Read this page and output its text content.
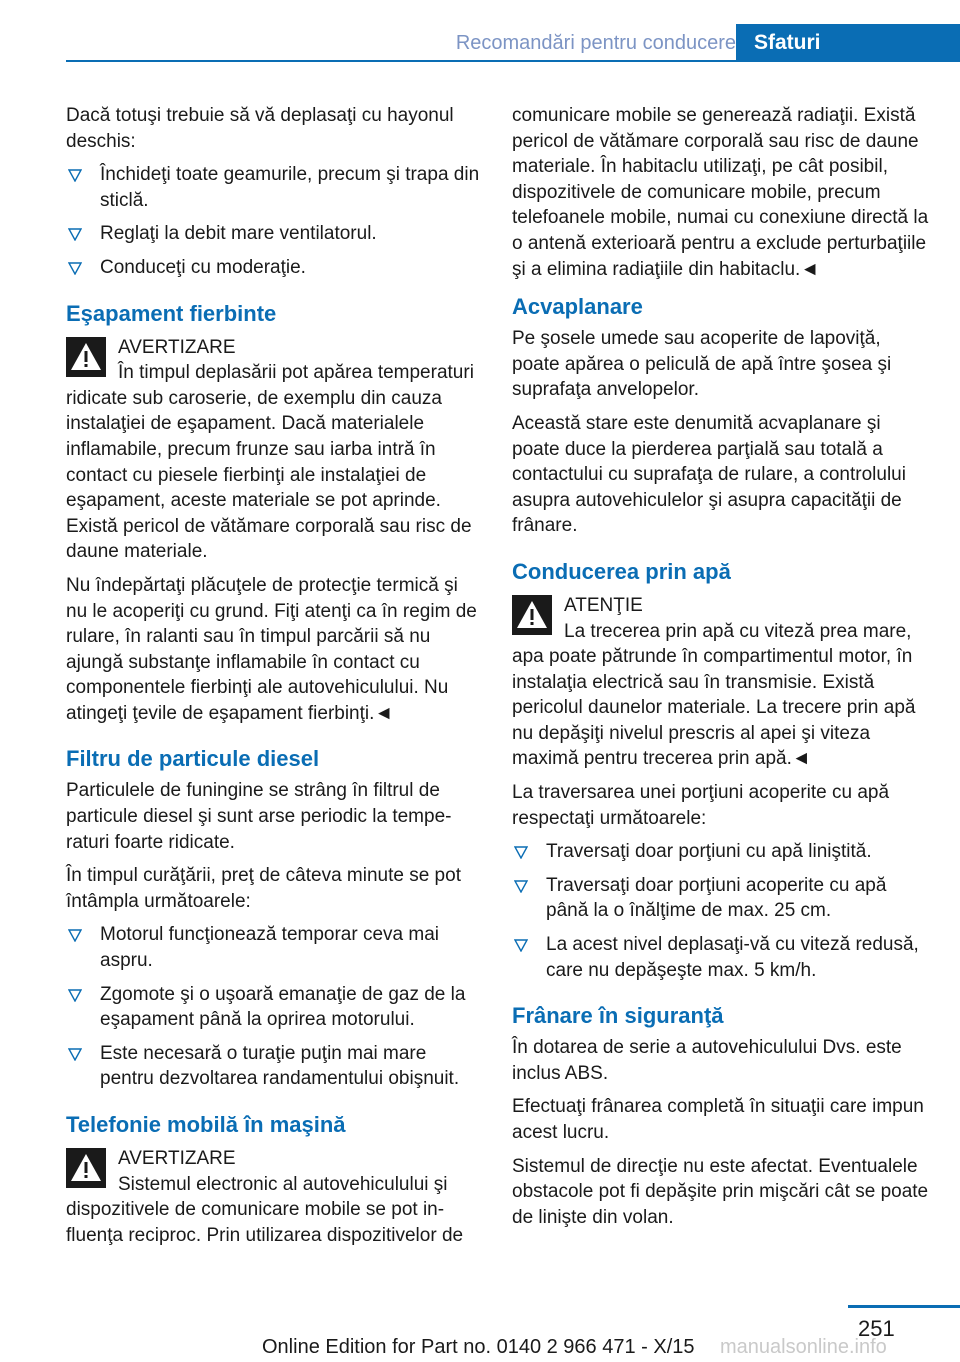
Recomandări pentru conducere Sfaturi

Dacă totuşi trebuie să vă deplasaţi cu hayonul deschis:

Închideţi toate geamurile, precum şi trapa din sticlă.
Reglaţi la debit mare ventilatorul.
Conduceţi cu moderaţie.
Eşapament fierbinte
AVERTIZARE
În timpul deplasării pot apărea temperaturi ridicate sub caroserie, de exemplu din cauza instalaţiei de eşapament. Dacă materialele inflamabile, precum frunze sau iarba intră în contact cu piesele fierbinţi ale instalaţiei de eşapament, aceste materiale se pot aprinde. Există pericol de vătămare corporală sau risc de daune materiale.

Nu îndepărtaţi plăcuţele de protecţie termică şi nu le acoperiţi cu grund. Fiţi atenţi ca în regim de rulare, în ralanti sau în timpul parcării să nu ajungă substanţe inflamabile în contact cu componentele fierbinţi ale autovehiculului. Nu atingeţi ţevile de eşapament fierbinţi.◄

Filtru de particule diesel

Particulele de funingine se strâng în filtrul de particule diesel şi sunt arse periodic la temperaturi foarte ridicate.

În timpul curăţării, preţ de câteva minute se pot întâmpla următoarele:

Motorul funcţionează temporar ceva mai aspru.
Zgomote şi o uşoară emanaţie de gaz de la eşapament până la oprirea motorului.
Este necesară o turaţie puţin mai mare pentru dezvoltarea randamentului obişnuit.
Telefonie mobilă în maşină
AVERTIZARE
Sistemul electronic al autovehiculului şi dispozitivele de comunicare mobile se pot influenţa reciproc. Prin utilizarea dispozitivelor de

comunicare mobile se generează radiaţii. Există pericol de vătămare corporală sau risc de daune materiale. În habitaclu utilizaţi, pe cât posibil, dispozitivele de comunicare mobile, precum telefoanele mobile, numai cu conexiune directă la o antenă exterioară pentru a exclude perturbaţiile şi a elimina radiaţiile din habitaclu.◄

Acvaplanare

Pe şosele umede sau acoperite de lapoviţă, poate apărea o peliculă de apă între şosea şi suprafaţa anvelopelor.

Această stare este denumită acvaplanare şi poate duce la pierderea parţială sau totală a contactului cu suprafaţa de rulare, a controlului asupra autovehiculelor şi asupra capacităţii de frânare.

Conducerea prin apă
ATENŢIE
La trecerea prin apă cu viteză prea mare, apa poate pătrunde în compartimentul motor, în instalaţia electrică sau în transmisie. Există pericolul daunelor materiale. La trecere prin apă nu depăşiţi nivelul prescris al apei şi viteza maximă pentru trecerea prin apă.◄

La traversarea unei porţiuni acoperite cu apă respectaţi următoarele:

Traversaţi doar porţiuni cu apă liniştită.
Traversaţi doar porţiuni acoperite cu apă până la o înălţime de max. 25 cm.
La acest nivel deplasaţi-vă cu viteză redusă, care nu depăşeşte max. 5 km/h.
Frânare în siguranţă

În dotarea de serie a autovehiculului Dvs. este inclus ABS.

Efectuaţi frânarea completă în situaţii care impun acest lucru.

Sistemul de direcţie nu este afectat. Eventualele obstacole pot fi depăşite prin mişcări cât se poate de linişte din volan.

251
Online Edition for Part no. 0140 2 966 471 - X/15 manualsonline.info
